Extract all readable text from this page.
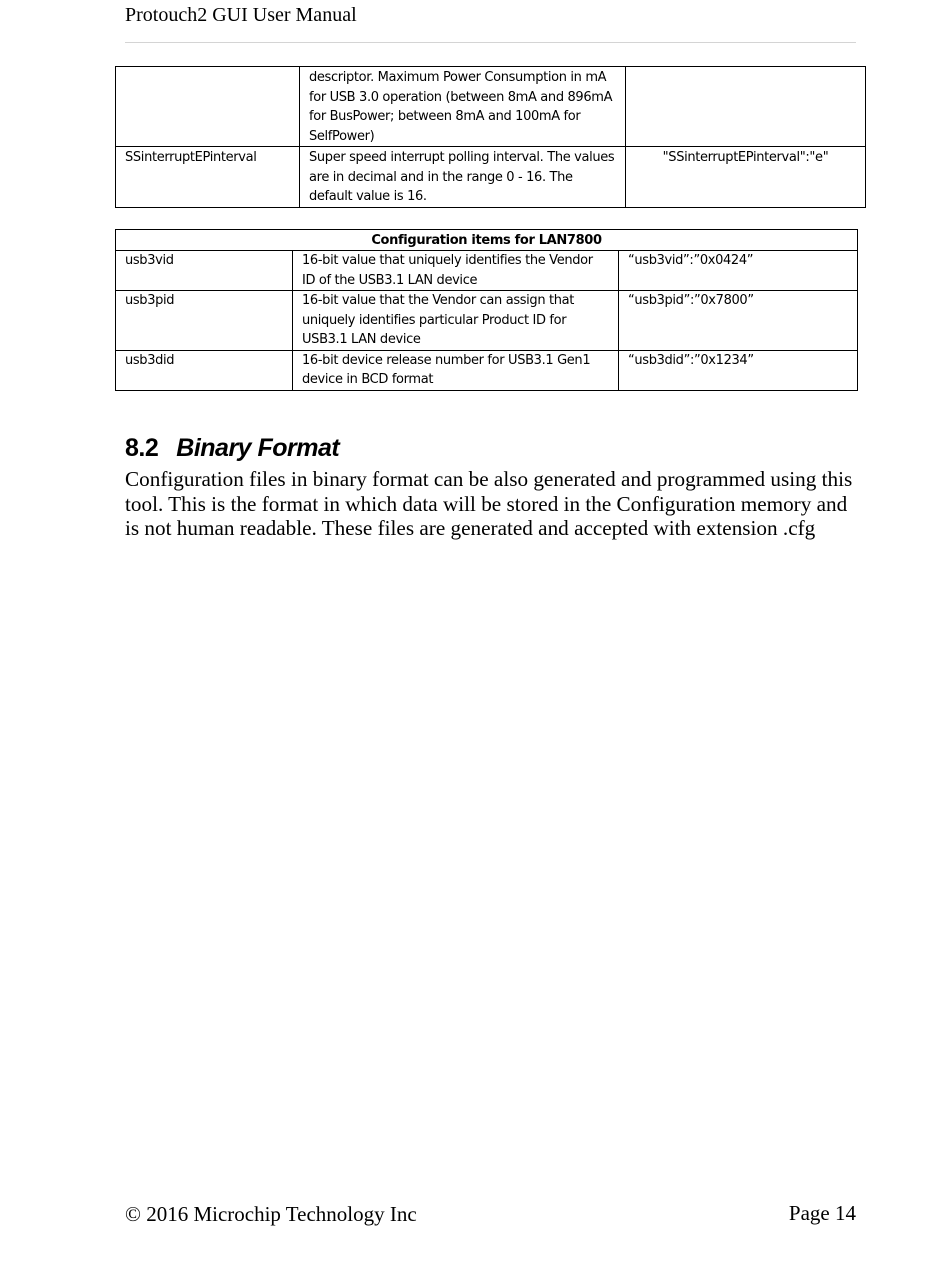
Protouch2 GUI User Manual
	descriptor. Maximum Power Consumption in mA for USB 3.0 operation (between 8mA and 896mA for BusPower; between 8mA and 100mA for SelfPower)	
SSinterruptEPinterval	Super speed interrupt polling interval. The values are in decimal and in the range 0 - 16. The default value is 16.	"SSinterruptEPinterval":"e"
Configuration items for LAN7800		
usb3vid	16-bit value that uniquely identifies the Vendor ID of the USB3.1 LAN device	“usb3vid”:”0x0424”
usb3pid	16-bit value that the Vendor can assign that uniquely identifies particular Product ID for USB3.1 LAN device	“usb3pid”:”0x7800”
usb3did	16-bit device release number for USB3.1 Gen1 device in BCD format	“usb3did”:”0x1234”
8.2 Binary Format

Configuration files in binary format can be also generated and programmed using this tool. This is the format in which data will be stored in the Configuration memory and is not human readable. These files are generated and accepted with extension .cfg

© 2016 Microchip Technology Inc	Page 14
